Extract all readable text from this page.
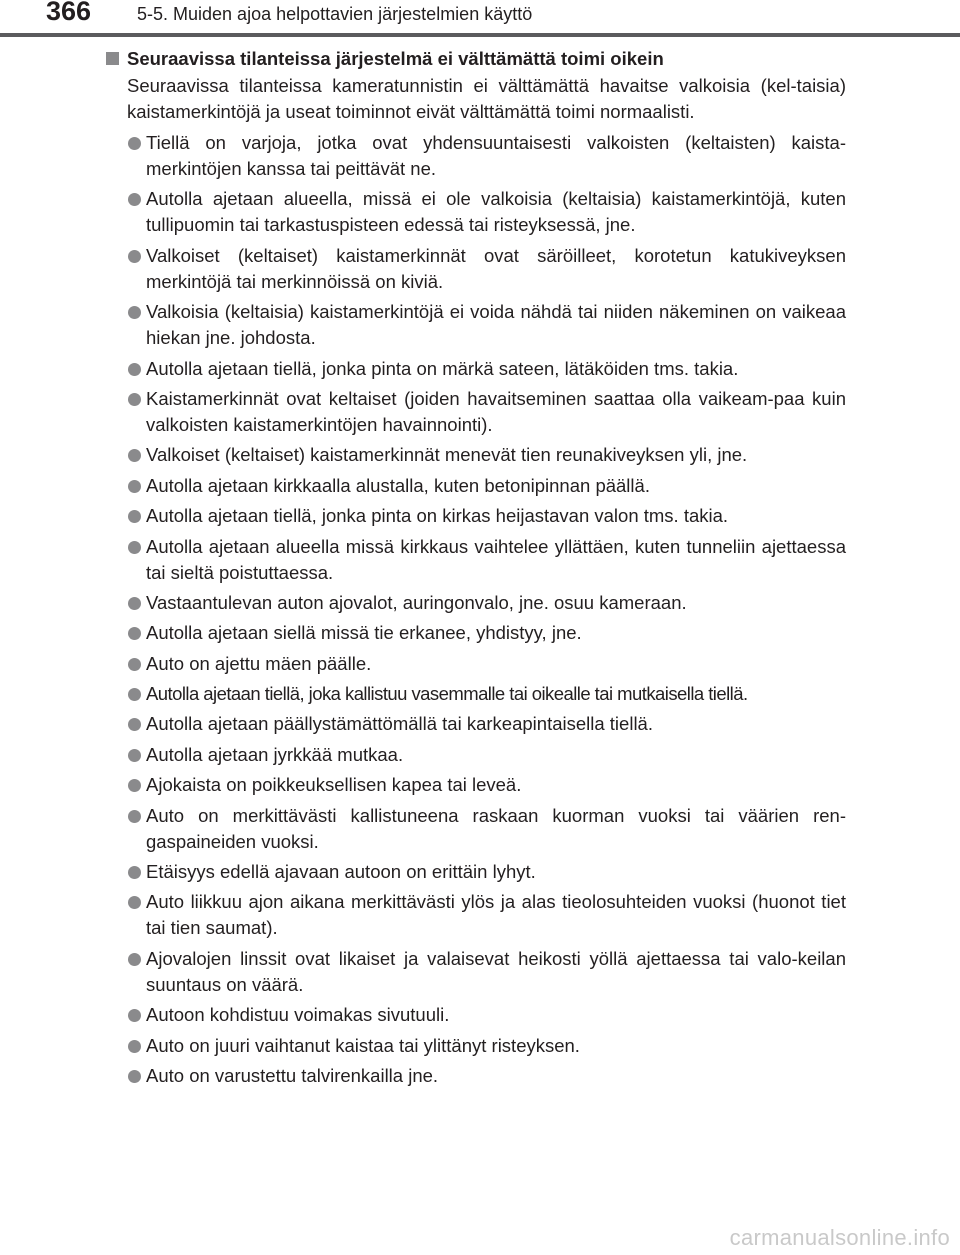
366	5-5. Muiden ajoa helpottavien järjestelmien käyttö
Seuraavissa tilanteissa järjestelmä ei välttämättä toimi oikein

Seuraavissa tilanteissa kameratunnistin ei välttämättä havaitse valkoisia (kel-taisia) kaistamerkintöjä ja useat toiminnot eivät välttämättä toimi normaalisti.

Tiellä on varjoja, jotka ovat yhdensuuntaisesti valkoisten (keltaisten) kaista-merkintöjen kanssa tai peittävät ne.
Autolla ajetaan alueella, missä ei ole valkoisia (keltaisia) kaistamerkintöjä, kuten tullipuomin tai tarkastuspisteen edessä tai risteyksessä, jne.
Valkoiset (keltaiset) kaistamerkinnät ovat säröilleet, korotetun katukiveyksen merkintöjä tai merkinnöissä on kiviä.
Valkoisia (keltaisia) kaistamerkintöjä ei voida nähdä tai niiden näkeminen on vaikeaa hiekan jne. johdosta.
Autolla ajetaan tiellä, jonka pinta on märkä sateen, lätäköiden tms. takia.
Kaistamerkinnät ovat keltaiset (joiden havaitseminen saattaa olla vaikeam-paa kuin valkoisten kaistamerkintöjen havainnointi).
Valkoiset (keltaiset) kaistamerkinnät menevät tien reunakiveyksen yli, jne.
Autolla ajetaan kirkkaalla alustalla, kuten betonipinnan päällä.
Autolla ajetaan tiellä, jonka pinta on kirkas heijastavan valon tms. takia.
Autolla ajetaan alueella missä kirkkaus vaihtelee yllättäen, kuten tunneliin ajettaessa tai sieltä poistuttaessa.
Vastaantulevan auton ajovalot, auringonvalo, jne. osuu kameraan.
Autolla ajetaan siellä missä tie erkanee, yhdistyy, jne.
Auto on ajettu mäen päälle.
Autolla ajetaan tiellä, joka kallistuu vasemmalle tai oikealle tai mutkaisella tiellä.
Autolla ajetaan päällystämättömällä tai karkeapintaisella tiellä.
Autolla ajetaan jyrkkää mutkaa.
Ajokaista on poikkeuksellisen kapea tai leveä.
Auto on merkittävästi kallistuneena raskaan kuorman vuoksi tai väärien ren-gaspaineiden vuoksi.
Etäisyys edellä ajavaan autoon on erittäin lyhyt.
Auto liikkuu ajon aikana merkittävästi ylös ja alas tieolosuhteiden vuoksi (huonot tiet tai tien saumat).
Ajovalojen linssit ovat likaiset ja valaisevat heikosti yöllä ajettaessa tai valo-keilan suuntaus on väärä.
Autoon kohdistuu voimakas sivutuuli.
Auto on juuri vaihtanut kaistaa tai ylittänyt risteyksen.
Auto on varustettu talvirenkailla jne.
carmanualsonline.info
